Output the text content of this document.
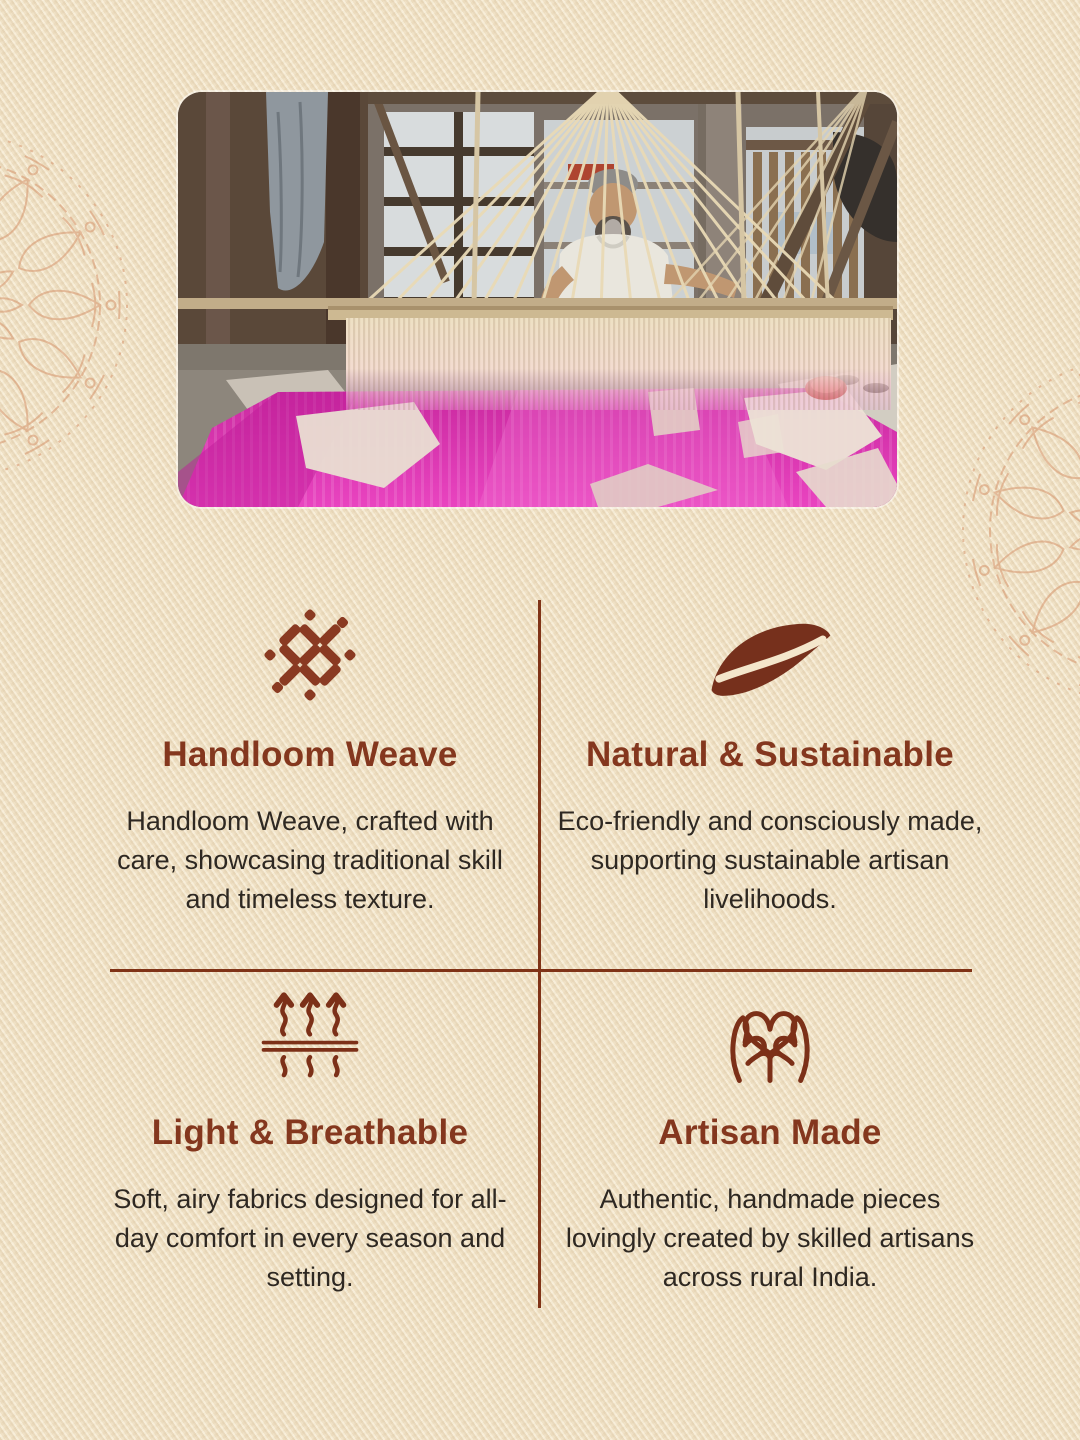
Handloom Weave

Handloom Weave, crafted with care, showcasing traditional skill and timeless texture.

Natural & Sustainable

Eco-friendly and consciously made, supporting sustainable artisan livelihoods.

Light & Breathable

Soft, airy fabrics designed for all-day comfort in every season and setting.

Artisan Made

Authentic, handmade pieces lovingly created by skilled artisans across rural India.
